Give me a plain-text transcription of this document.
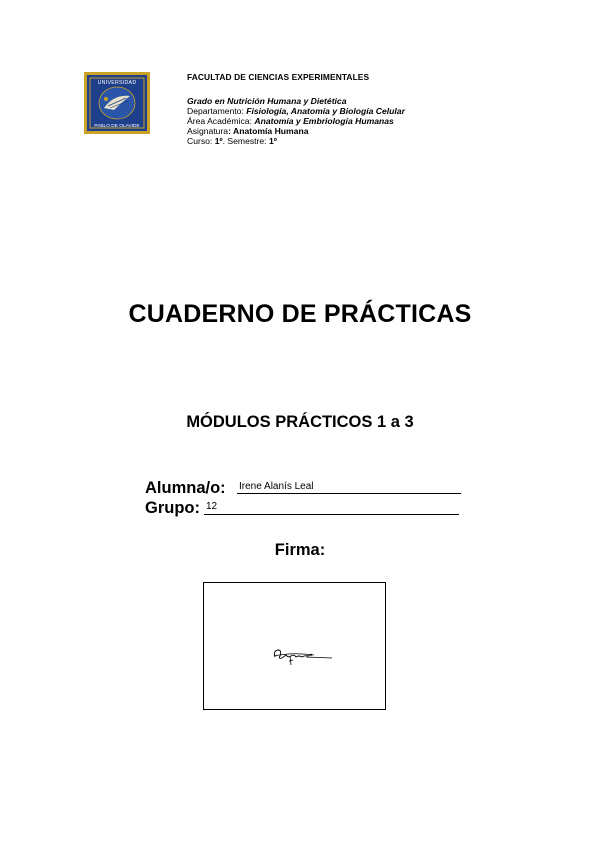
UNIVERSIDAD
PABLO DE OLAVIDE
FACULTAD DE CIENCIAS EXPERIMENTALES
Grado en Nutrición Humana y Dietética
Departamento: Fisiología, Anatomía y Biología Celular Área Académica: Anatomía y Embriología Humanas Asignatura: Anatomía Humana
Curso: 1º. Semestre: 1º
CUADERNO DE PRÁCTICAS
MÓDULOS PRÁCTICOS 1 a 3
Alumna/o: Irene Alanís Leal
Grupo: 12
Firma:
